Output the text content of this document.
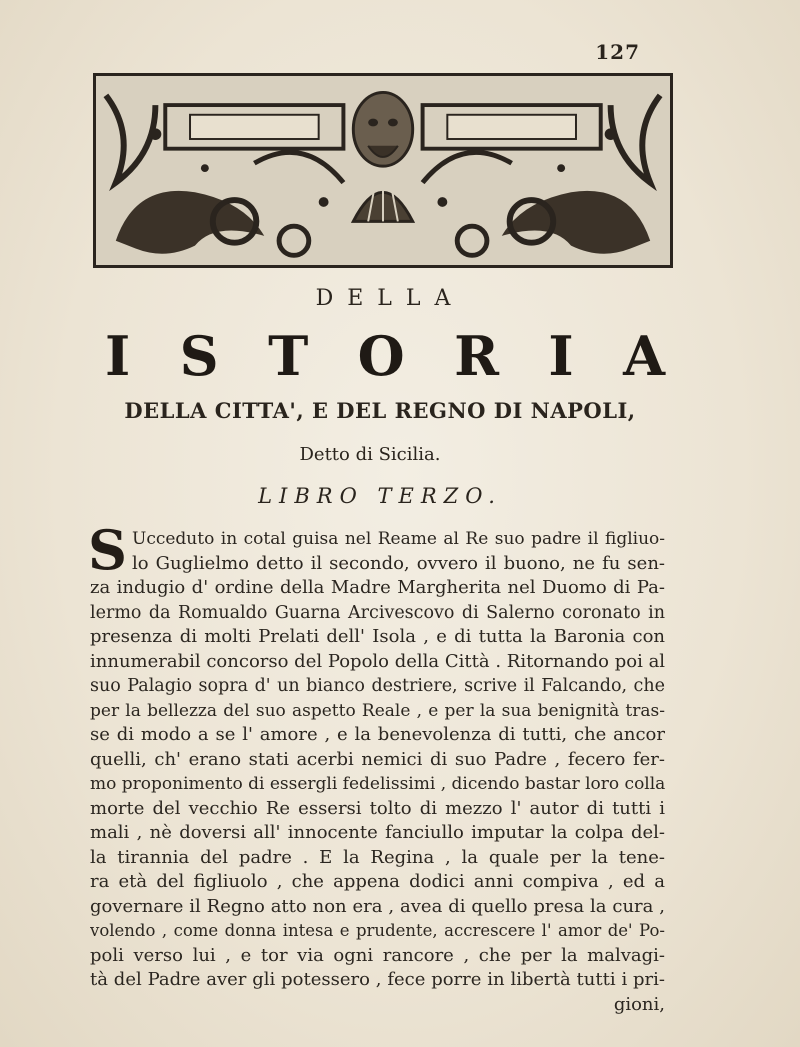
127
DELLA
I S T O R I A
DELLA CITTA', E DEL REGNO DI NAPOLI,
Detto di Sicilia.
LIBRO TERZO.
S Ucceduto in cotal guisa nel Reame al Re suo padre il figliuo-
lo Guglielmo detto il secondo, ovvero il buono, ne fu sen-
za indugio d' ordine della Madre Margherita nel Duomo di Pa-
lermo da Romualdo Guarna Arcivescovo di Salerno coronato in
presenza di molti Prelati dell' Isola , e di tutta la Baronia con
innumerabil concorso del Popolo della Città . Ritornando poi al
suo Palagio sopra d' un bianco destriere, scrive il Falcando, che
per la bellezza del suo aspetto Reale , e per la sua benignità tras-
se di modo a se l' amore , e la benevolenza di tutti, che ancor
quelli, ch' erano stati acerbi nemici di suo Padre , fecero fer-
mo proponimento di essergli fedelissimi , dicendo bastar loro colla
morte del vecchio Re essersi tolto di mezzo l' autor di tutti i
mali , nè doversi all' innocente fanciullo imputar la colpa del-
la tirannia del padre . E la Regina , la quale per la tene-
ra età del figliuolo , che appena dodici anni compiva , ed a
governare il Regno atto non era , avea di quello presa la cura ,
volendo , come donna intesa e prudente, accrescere l' amor de' Po-
poli verso lui , e tor via ogni rancore , che per la malvagi-
tà del Padre aver gli potessero , fece porre in libertà tutti i pri-
gioni,
